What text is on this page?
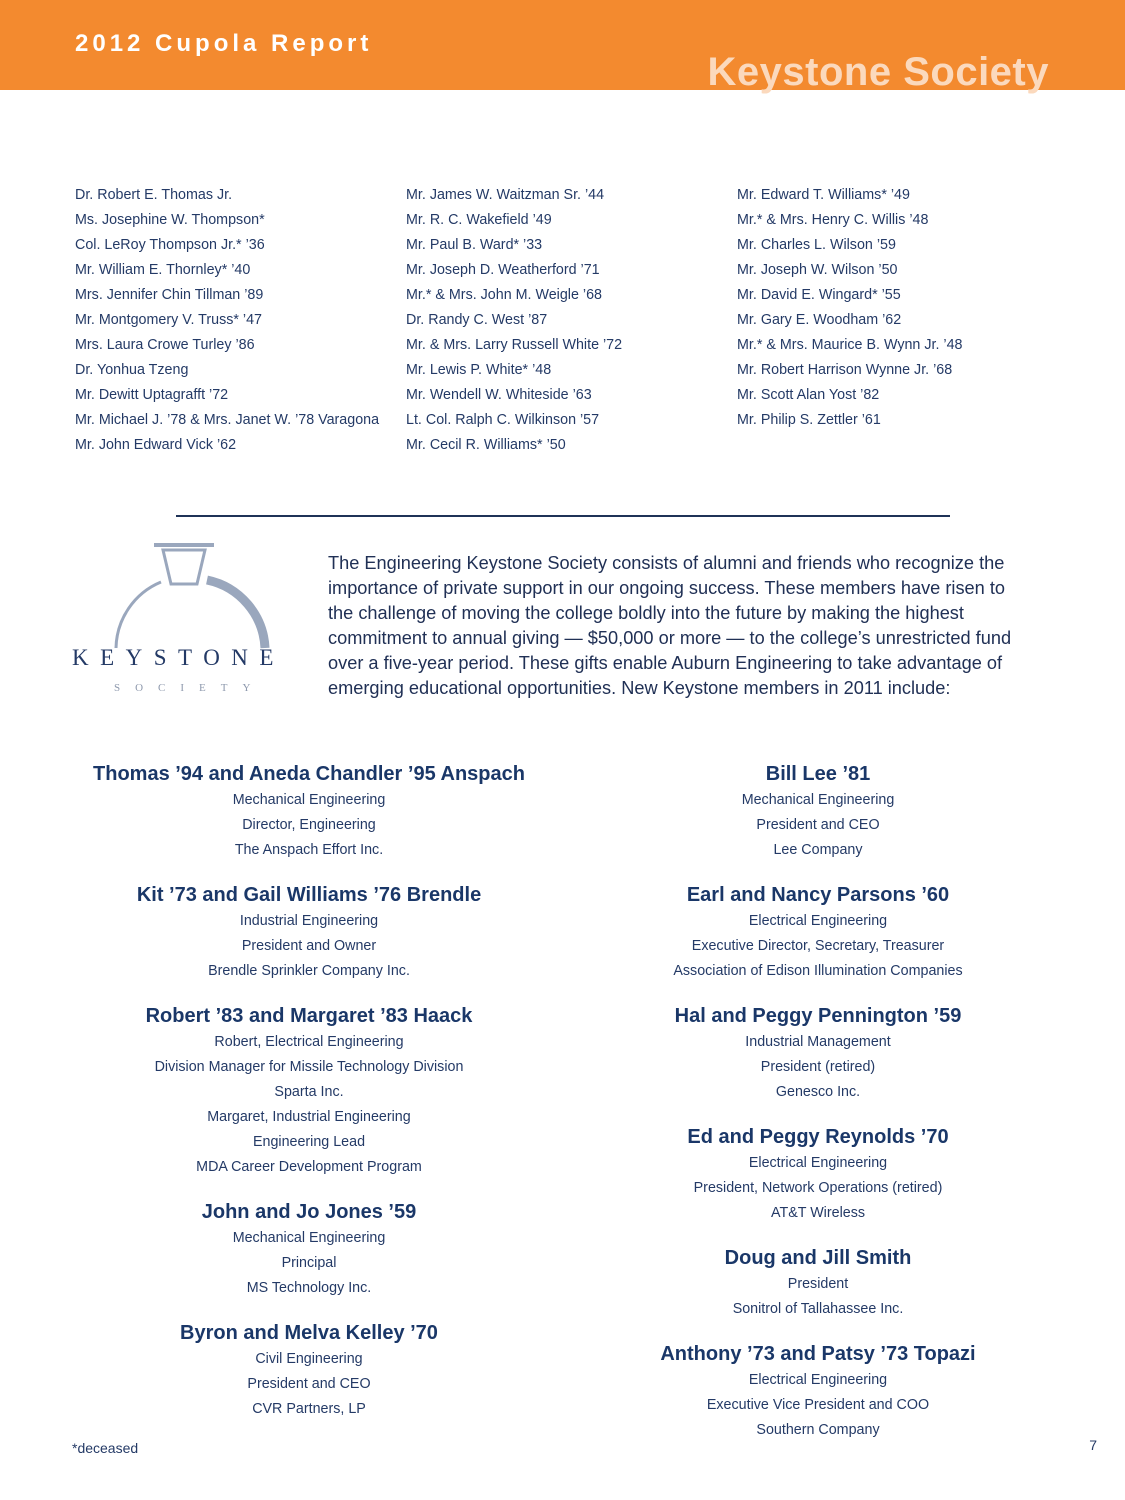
2012 Cupola Report
Keystone Society
Dr. Robert E. Thomas Jr.
Ms. Josephine W. Thompson*
Col. LeRoy Thompson Jr.* ’36
Mr. William E. Thornley* ’40
Mrs. Jennifer Chin Tillman ’89
Mr. Montgomery V. Truss* ’47
Mrs. Laura Crowe Turley ’86
Dr. Yonhua Tzeng
Mr. Dewitt Uptagrafft ’72
Mr. Michael J. ’78 & Mrs. Janet W. ’78 Varagona
Mr. John Edward Vick ’62
Mr. James W. Waitzman Sr. ’44
Mr. R. C. Wakefield ’49
Mr. Paul B. Ward* ’33
Mr. Joseph D. Weatherford ’71
Mr.* & Mrs. John M. Weigle ’68
Dr. Randy C. West ’87
Mr. & Mrs. Larry Russell White ’72
Mr. Lewis P. White* ’48
Mr. Wendell W. Whiteside ’63
Lt. Col. Ralph C. Wilkinson ’57
Mr. Cecil R. Williams* ’50
Mr. Edward T. Williams* ’49
Mr.* & Mrs. Henry C. Willis ’48
Mr. Charles L. Wilson ’59
Mr. Joseph W. Wilson ’50
Mr. David E. Wingard* ’55
Mr. Gary E. Woodham ’62
Mr.* & Mrs. Maurice B. Wynn Jr. ’48
Mr. Robert Harrison Wynne Jr. ’68
Mr. Scott Alan Yost ’82
Mr. Philip S. Zettler ’61
KEYSTONE
SOCIETY
The Engineering Keystone Society consists of alumni and friends who recognize the importance of private support in our ongoing success. These members have risen to the challenge of moving the college boldly into the future by making the highest commitment to annual giving — $50,000 or more — to the college’s unrestricted fund over a five-year period. These gifts enable Auburn Engineering to take advantage of emerging educational opportunities. New Keystone members in 2011 include:
Thomas ’94 and Aneda Chandler ’95 Anspach
Mechanical Engineering
Director, Engineering
The Anspach Effort Inc.
Kit ’73 and Gail Williams ’76 Brendle
Industrial Engineering
President and Owner
Brendle Sprinkler Company Inc.
Robert ’83 and Margaret ’83 Haack
Robert, Electrical Engineering
Division Manager for Missile Technology Division
Sparta Inc.
Margaret, Industrial Engineering
Engineering Lead
MDA Career Development Program
John and Jo Jones ’59
Mechanical Engineering
Principal
MS Technology Inc.
Byron and Melva Kelley ’70
Civil Engineering
President and CEO
CVR Partners, LP
Bill Lee ’81
Mechanical Engineering
President and CEO
Lee Company
Earl and Nancy Parsons ’60
Electrical Engineering
Executive Director, Secretary, Treasurer
Association of Edison Illumination Companies
Hal and Peggy Pennington ’59
Industrial Management
President (retired)
Genesco Inc.
Ed and Peggy Reynolds ’70
Electrical Engineering
President, Network Operations (retired)
AT&T Wireless
Doug and Jill Smith
President
Sonitrol of Tallahassee Inc.
Anthony ’73 and Patsy ’73 Topazi
Electrical Engineering
Executive Vice President and COO
Southern Company
*deceased	7
